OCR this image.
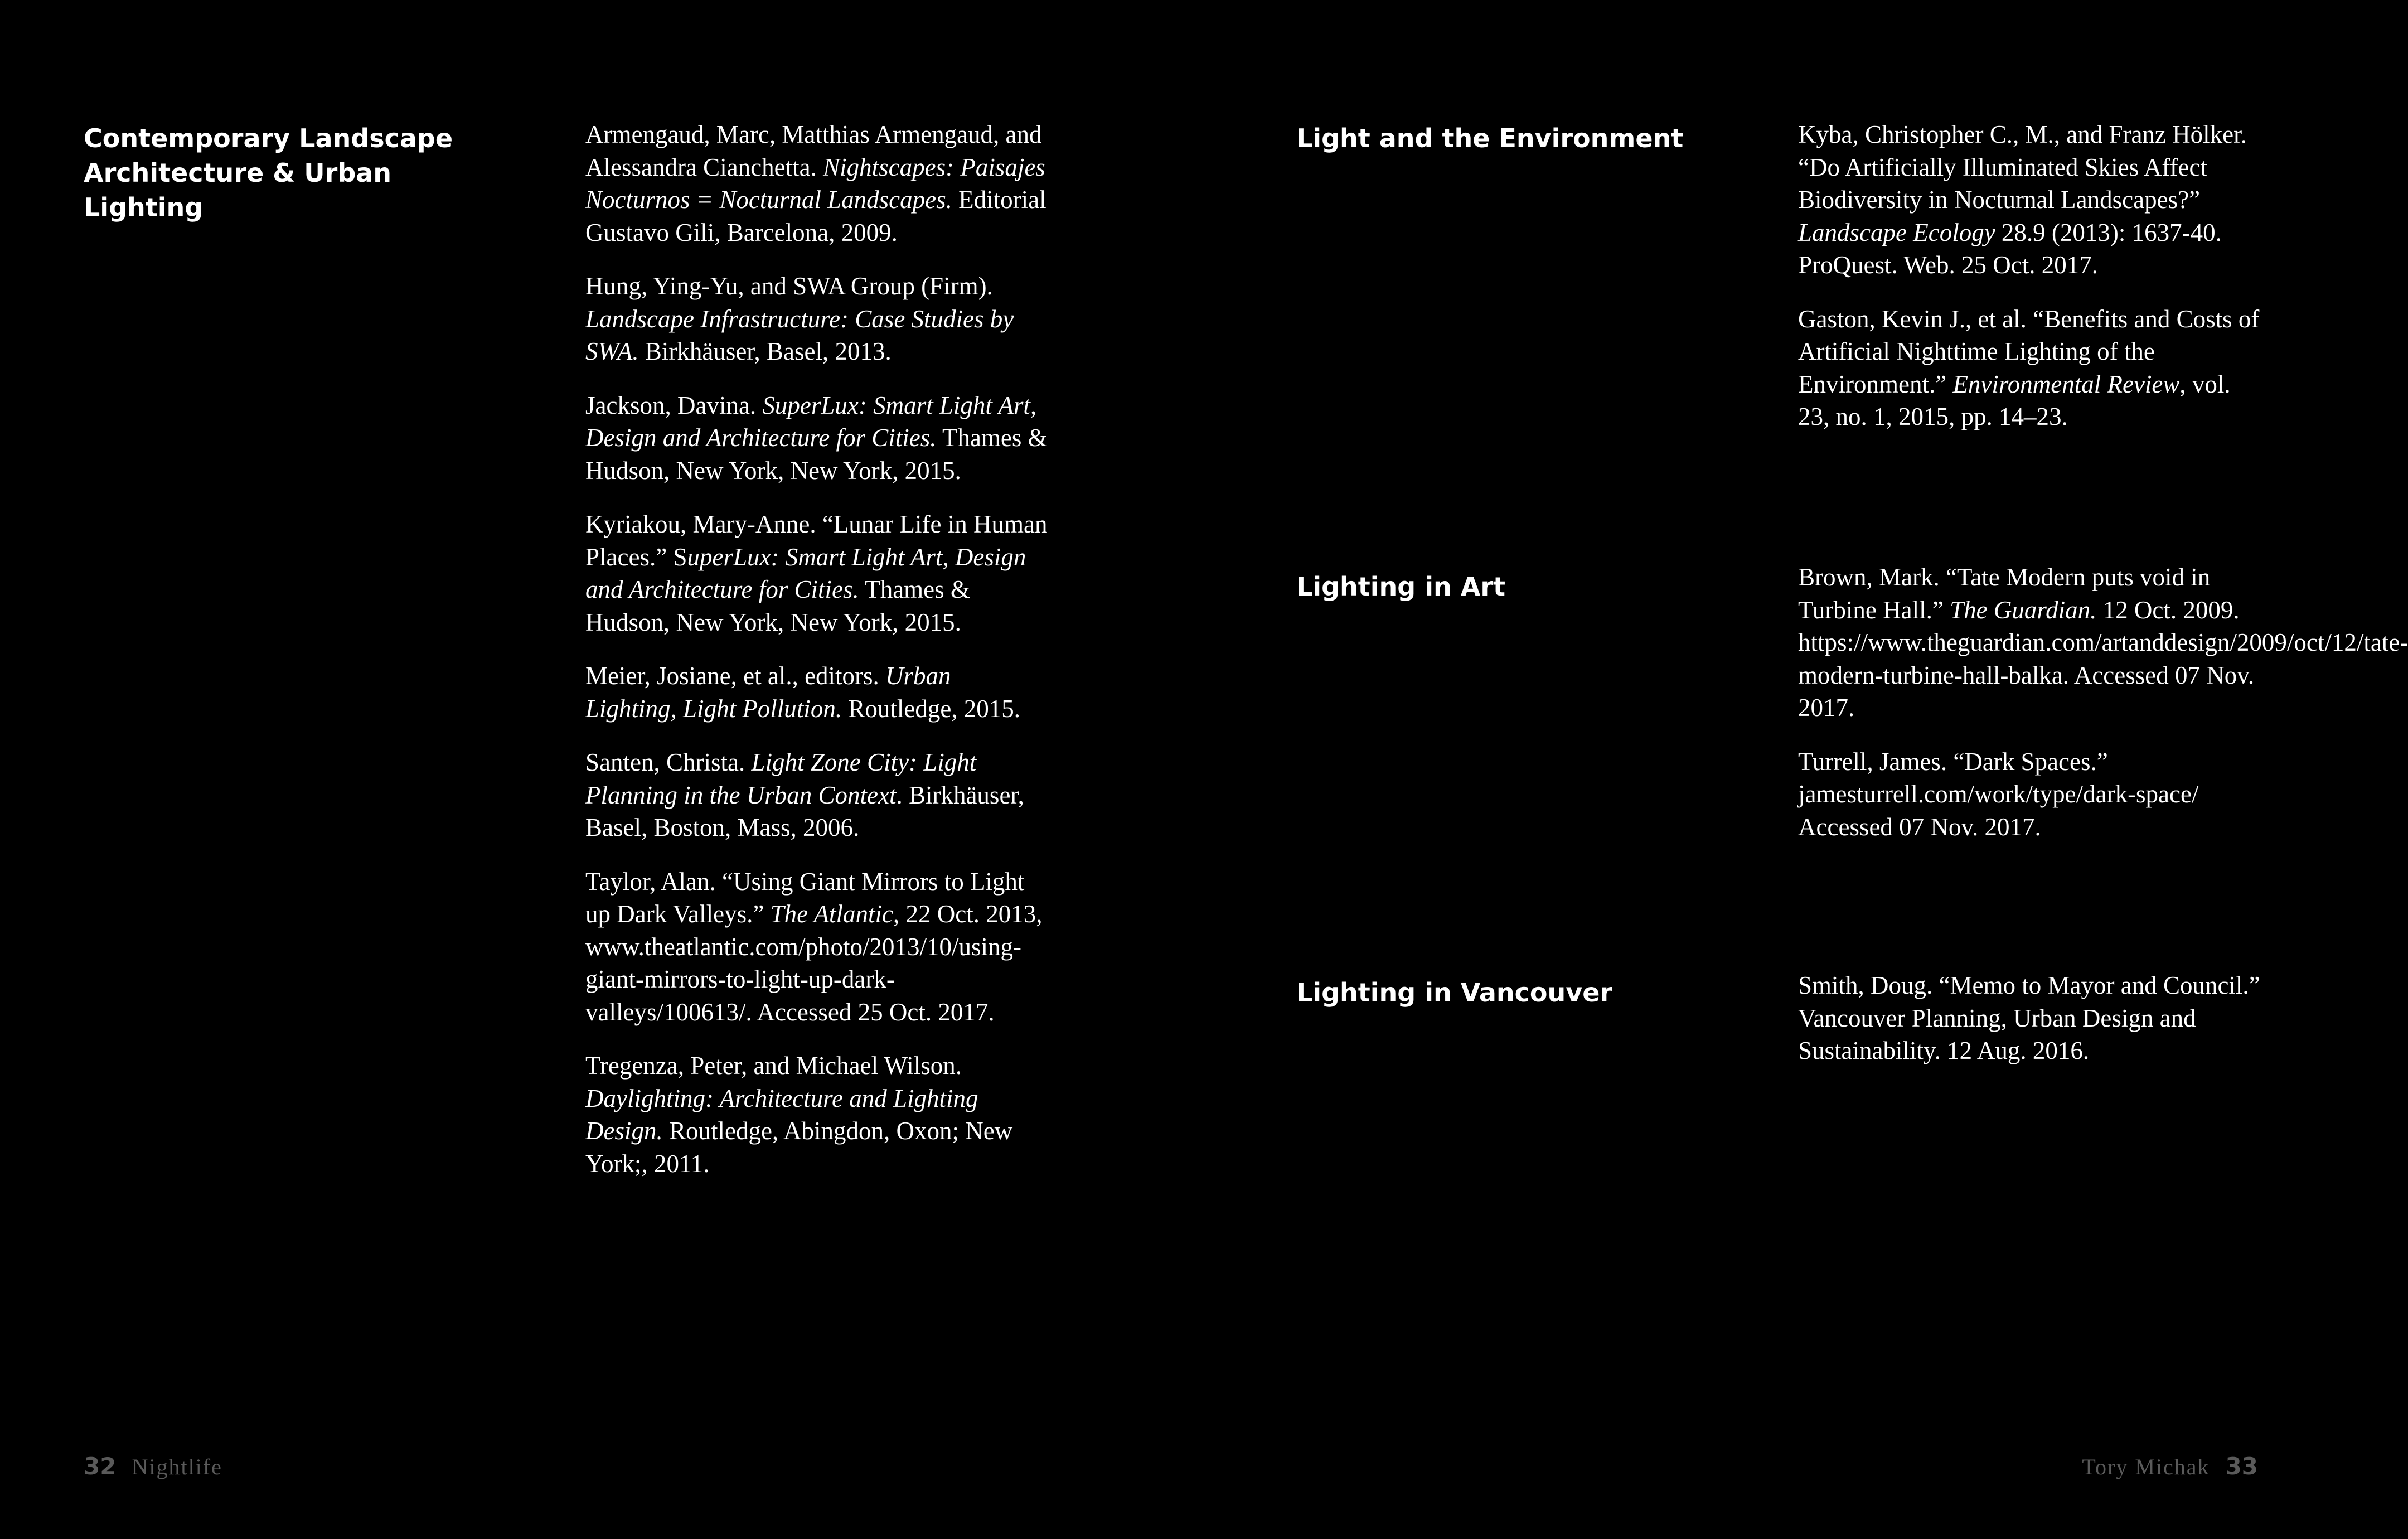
Contemporary Landscape
Architecture & Urban Lighting

Armengaud, Marc, Matthias Armengaud, and Alessandra Cianchetta. Nightscapes: Paisajes Nocturnos = Nocturnal Landscapes. Editorial Gustavo Gili, Barcelona, 2009.

Hung, Ying-Yu, and SWA Group (Firm). Landscape Infrastructure: Case Studies by SWA. Birkhäuser, Basel, 2013.

Jackson, Davina. SuperLux: Smart Light Art, Design and Architecture for Cities. Thames & Hudson, New York, New York, 2015.

Kyriakou, Mary-Anne. “Lunar Life in Human Places.” SuperLux: Smart Light Art, Design and Architecture for Cities. Thames & Hudson, New York, New York, 2015.

Meier, Josiane, et al., editors. Urban Lighting, Light Pollution. Routledge, 2015.

Santen, Christa. Light Zone City: Light Planning in the Urban Context. Birkhäuser, Basel, Boston, Mass, 2006.

Taylor, Alan. “Using Giant Mirrors to Light up Dark Valleys.” The Atlantic, 22 Oct. 2013, www.theatlantic.com/photo/2013/10/using-giant-mirrors-to-light-up-dark-valleys/100613/. Accessed 25 Oct. 2017.

Tregenza, Peter, and Michael Wilson. Daylighting: Architecture and Lighting Design. Routledge, Abingdon, Oxon; New York;, 2011.

32 Nightlife
Light and the Environment	Kyba, Christopher C., M., and Franz Hölker. “Do Artificially Illuminated Skies Affect Biodiversity in Nocturnal Landscapes?” Landscape Ecology 28.9 (2013): 1637-40. ProQuest. Web. 25 Oct. 2017.

Gaston, Kevin J., et al. “Benefits and Costs of Artificial Nighttime Lighting of the Environment.” Environmental Review, vol. 23, no. 1, 2015, pp. 14–23.

Lighting in Art	Brown, Mark. “Tate Modern puts void in Turbine Hall.” The Guardian. 12 Oct. 2009. https://www.theguardian.com/artanddesign/2009/oct/12/tate-modern-turbine-hall-balka. Accessed 07 Nov. 2017.

Turrell, James. “Dark Spaces.” jamesturrell.com/work/type/dark-space/ Accessed 07 Nov. 2017.

Lighting in Vancouver	Smith, Doug. “Memo to Mayor and Council.” Vancouver Planning, Urban Design and Sustainability. 12 Aug. 2016.

Tory Michak 33
